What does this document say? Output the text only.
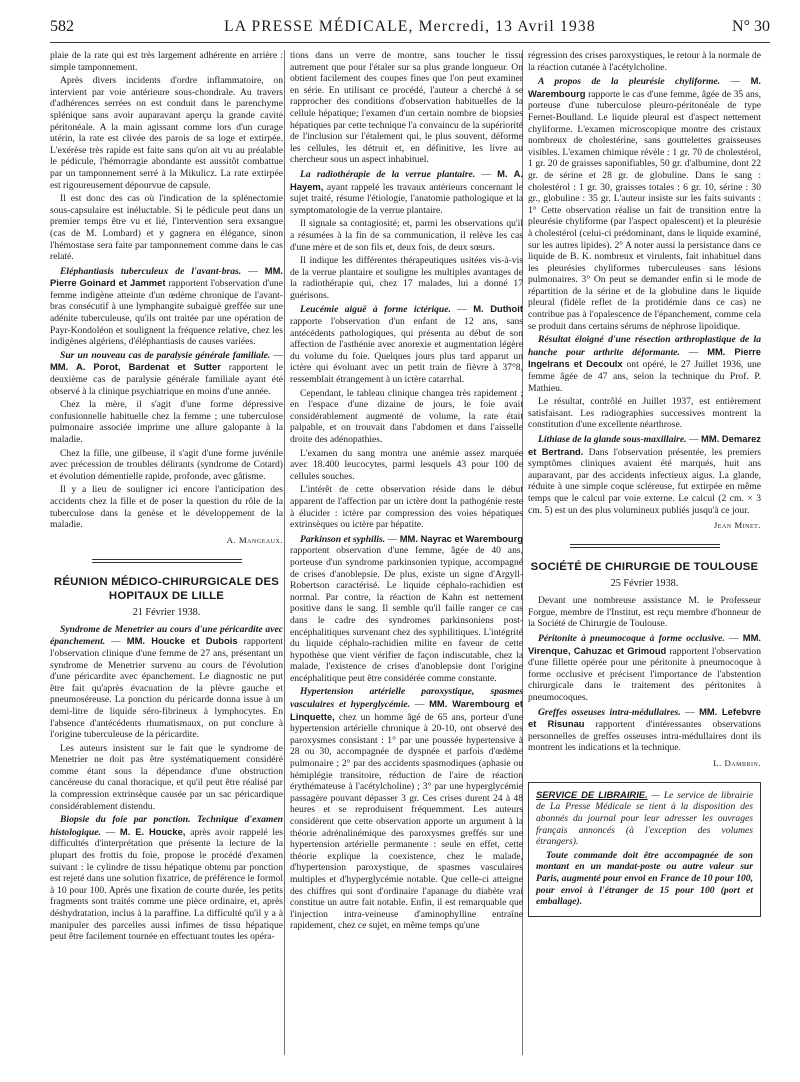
582	LA PRESSE MÉDICALE, Mercredi, 13 Avril 1938	N° 30

plaie de la rate qui est très largement adhérente en arrière : simple tamponnement.

Après divers incidents d'ordre inflammatoire, on intervient par voie antérieure sous-chondrale. Au travers d'adhérences serrées on est conduit dans le parenchyme splénique sans avoir auparavant aperçu la grande cavité péritonéale. A la main agissant comme lors d'un curage utérin, la rate est clivée des parois de sa loge et extirpée. L'exérèse très rapide est faite sans qu'on ait vu au préalable le pédicule, l'hémorragie abondante est aussitôt combattue par un tamponnement serré à la Mikulicz. La rate extirpée est rigoureusement dépourvue de capsule.

Il est donc des cas où l'indication de la splénectomie sous-capsulaire est inéluctable. Si le pédicule peut dans un premier temps être vu et lié, l'intervention sera exsangue (cas de M. Lombard) et y gagnera en élégance, sinon l'hémostase sera faite par tamponnement comme dans le cas relaté.

Eléphantiasis tuberculeux de l'avant-bras. — MM. Pierre Goinard et Jammet rapportent l'observation d'une femme indigène atteinte d'un œdème chronique de l'avant-bras consécutif à une lymphangite subaiguë greffée sur une adénite tuberculeuse, qu'ils ont traitée par une opération de Payr-Kondoléon et soulignent la fréquence relative, chez les indigènes algériens, d'éléphantiasis de causes variées.

Sur un nouveau cas de paralysie générale familiale. — MM. A. Porot, Bardenat et Sutter rapportent le deuxième cas de paralysie générale familiale ayant été observé à la clinique psychiatrique en moins d'une année.

Chez la mère, il s'agit d'une forme dépressive confusionnelle habituelle chez la femme ; une tuberculose pulmonaire associée imprime une allure galopante à la maladie.

Chez la fille, une gilbeuse, il s'agit d'une forme juvénile avec précession de troubles délirants (syndrome de Cotard) et évolution démentielle rapide, profonde, avec gâtisme.

Il y a lieu de souligner ici encore l'anticipation des accidents chez la fille et de poser la question du rôle de la tuberculose dans la genèse et le développement de la maladie.

A. Mangeaux.
RÉUNION MÉDICO-CHIRURGICALE DES HOPITAUX DE LILLE
21 Février 1938.

Syndrome de Menetrier au cours d'une péricardite avec épanchement. — MM. Houcke et Dubois rapportent l'observation clinique d'une femme de 27 ans, présentant un syndrome de Menetrier survenu au cours de l'évolution d'une péricardite avec épanchement. Le diagnostic ne put être fait qu'après évacuation de la plèvre gauche et pneumoséreuse. La ponction du péricarde donna issue à un demi-litre de liquide séro-fibrineux à lymphocytes. En l'absence d'antécédents rhumatismaux, on put conclure à l'origine tuberculeuse de la péricardite.

Les auteurs insistent sur le fait que le syndrome de Menetrier ne doit pas être systématiquement considéré comme étant sous la dépendance d'une obstruction cancéreuse du canal thoracique, et qu'il peut être réalisé par la compression extrinsèque causée par un sac péricardique considérablement distendu.

Biopsie du foie par ponction. Technique d'examen histologique. — M. E. Houcke, après avoir rappelé les difficultés d'interprétation que présente la lecture de la plupart des frottis du foie, propose le procédé d'examen suivant : le cylindre de tissu hépatique obtenu par ponction est rejeté dans une solution fixatrice, de préférence le formol à 10 pour 100. Après une fixation de courte durée, les petits fragments sont traités comme une pièce ordinaire, et, après déshydratation, inclus à la paraffine. La difficulté qu'il y a à manipuler des parcelles aussi infimes de tissu hépatique peut être facilement tournée en effectuant toutes les opéra-

tions dans un verre de montre, sans toucher le tissu autrement que pour l'étaler sur sa plus grande longueur. On obtient facilement des coupes fines que l'on peut examiner en série. En utilisant ce procédé, l'auteur a cherché à se rapprocher des conditions d'observation habituelles de la cellule hépatique; l'examen d'un certain nombre de biopsies hépatiques par cette technique l'a convaincu de la supériorité de l'inclusion sur l'étalement qui, le plus souvent, déforme les cellules, les détruit et, en définitive, les livre au chercheur sous un aspect inhabituel.

La radiothérapie de la verrue plantaire. — M. A. Hayem, ayant rappelé les travaux antérieurs concernant le sujet traité, résume l'étiologie, l'anatomie pathologique et la symptomatologie de la verrue plantaire.

Il signale sa contagiosité; et, parmi les observations qu'il a résumées à la fin de sa communication, il relève les cas d'une mère et de son fils et, deux fois, de deux sœurs.

Il indique les différentes thérapeutiques usitées vis-à-vis de la verrue plantaire et souligne les multiples avantages de la radiothérapie qui, chez 17 malades, lui a donné 17 guérisons.

Leucémie aiguë à forme ictérique. — M. Duthoit rapporte l'observation d'un enfant de 12 ans, sans antécédents pathologiques, qui présenta au début de son affection de l'asthénie avec anorexie et augmentation légère du volume du foie. Quelques jours plus tard apparut un ictère qui évoluant avec un petit train de fièvre à 37°8, ressemblait étrangement à un ictère catarrhal.

Cependant, le tableau clinique changea très rapidement ; en l'espace d'une dizaine de jours, le foie avait considérablement augmenté de volume, la rate était palpable, et on trouvait dans l'abdomen et dans l'aisselle droite des adénopathies.

L'examen du sang montra une anémie assez marquée avec 18.400 leucocytes, parmi lesquels 43 pour 100 de cellules souches.

L'intérêt de cette observation réside dans le début apparent de l'affection par un ictère dont la pathogénie reste à élucider : ictère par compression des voies hépatiques extrinsèques ou ictère par hépatite.

Parkinson et syphilis. — MM. Nayrac et Warembourg rapportent observation d'une femme, âgée de 40 ans, porteuse d'un syndrome parkinsonien typique, accompagné de crises d'anoblepsie. De plus, existe un signe d'Argyll-Robertson caractérisé. Le liquide céphalo-rachidien est normal. Par contre, la réaction de Kahn est nettement positive dans le sang. Il semble qu'il faille ranger ce cas dans le cadre des syndromes parkinsoniens post-encéphalitiques survenant chez des syphilitiques. L'intégrité du liquide céphalo-rachidien milite en faveur de cette hypothèse que vient vérifier de façon indiscutable, chez la malade, l'existence de crises d'anoblepsie dont l'origine encéphalitique peut être considérée comme constante.

Hypertension artérielle paroxystique, spasmes vasculaires et hyperglycémie. — MM. Warembourg et Linquette, chez un homme âgé de 65 ans, porteur d'une hypertension artérielle chronique à 20-10, ont observé des paroxysmes consistant : 1° par une poussée hypertensive à 28 ou 30, accompagnée de dyspnée et parfois d'œdème pulmonaire ; 2° par des accidents spasmodiques (aphasie ou hémiplégie transitoire, réduction de l'aire de réaction érythémateuse à l'acétylcholine) ; 3° par une hyperglycémie passagère pouvant dépasser 3 gr. Ces crises durent 24 à 48 heures et se reproduisent fréquemment. Les auteurs considèrent que cette observation apporte un argument à la théorie adrénalinémique des paroxysmes greffés sur une hypertension artérielle permanente : seule en effet, cette théorie explique la coexistence, chez le malade, d'hypertension paroxystique, de spasmes vasculaires multiples et d'hyperglycémie notable. Que celle-ci atteigne des chiffres qui sont d'ordinaire l'apanage du diabète vrai constitue un autre fait notable. Enfin, il est remarquable que l'injection intra-veineuse d'aminophylline entraîne rapidement, chez ce sujet, en même temps qu'une

régression des crises paroxystiques, le retour à la normale de la réaction cutanée à l'acétylcholine.

A propos de la pleurésie chyliforme. — M. Warembourg rapporte le cas d'une femme, âgée de 35 ans, porteuse d'une tuberculose pleuro-péritonéale de type Fernet-Boulland. Le liquide pleural est d'aspect nettement chyliforme. L'examen microscopique montre des cristaux nombreux de cholestérine, sans gouttelettes graisseuses visibles. L'examen chimique révèle : 1 gr. 70 de cholestérol, 1 gr. 20 de graisses saponifiables, 50 gr. d'albumine, dont 22 gr. de sérine et 28 gr. de globuline. Dans le sang : cholestérol : 1 gr. 30, graisses totales : 6 gr. 10, sérine : 30 gr., globuline : 35 gr. L'auteur insiste sur les faits suivants : 1° Cette observation réalise un fait de transition entre la pleurésie chyliforme (par l'aspect opalescent) et la pleurésie à cholestérol (celui-ci prédominant, dans le liquide examiné, sur les autres lipides). 2° A noter aussi la persistance dans ce liquide de B. K. nombreux et virulents, fait inhabituel dans les pleurésies chyliformes tuberculeuses sans lésions pulmonaires. 3° On peut se demander enfin si le mode de répartition de la sérine et de la globuline dans le liquide pleural (fidèle reflet de la protidémie dans ce cas) ne contribue pas à l'opalescence de l'épanchement, comme cela se produit dans certains sérums de néphrose lipoïdique.

Résultat éloigné d'une résection arthroplastique de la hanche pour arthrite déformante. — MM. Pierre Ingelrans et Decoulx ont opéré, le 27 Juillet 1936, une femme âgée de 47 ans, selon la technique du Prof. P. Mathieu.

Le résultat, contrôlé en Juillet 1937, est entièrement satisfaisant. Les radiographies successives montrent la constitution d'une excellente néarthrose.

Lithiase de la glande sous-maxillaire. — MM. Demarez et Bertrand. Dans l'observation présentée, les premiers symptômes cliniques avaient été marqués, huit ans auparavant, par des accidents infectieux aigus. La glande, réduite à une simple coque scléreuse, fut extirpée en même temps que le calcul par voie externe. Le calcul (2 cm. × 3 cm. 5) est un des plus volumineux publiés jusqu'à ce jour.

Jean Minet.
SOCIÉTÉ DE CHIRURGIE DE TOULOUSE
25 Février 1938.

Devant une nombreuse assistance M. le Professeur Forgue, membre de l'Institut, est reçu membre d'honneur de la Société de Chirurgie de Toulouse.

Péritonite à pneumocoque à forme occlusive. — MM. Virenque, Cahuzac et Grimoud rapportent l'observation d'une fillette opérée pour une péritonite à pneumocoque à forme occlusive et précisent l'importance de l'abstention chirurgicale dans le traitement des péritonites à pneumocoques.

Greffes osseuses intra-médullaires. — MM. Lefebvre et Risunau rapportent d'intéressantes observations personnelles de greffes osseuses intra-médullaires dont ils montrent les indications et la technique.

L. Dambrin.

SERVICE DE LIBRAIRIE. — Le service de librairie de La Presse Médicale se tient à la disposition des abonnés du journal pour leur adresser les ouvrages français annoncés (à l'exception des volumes étrangers).

Toute commande doit être accompagnée de son montant en un mandat-poste ou autre valeur sur Paris, augmenté pour envoi en France de 10 pour 100, pour envoi à l'étranger de 15 pour 100 (port et emballage).
